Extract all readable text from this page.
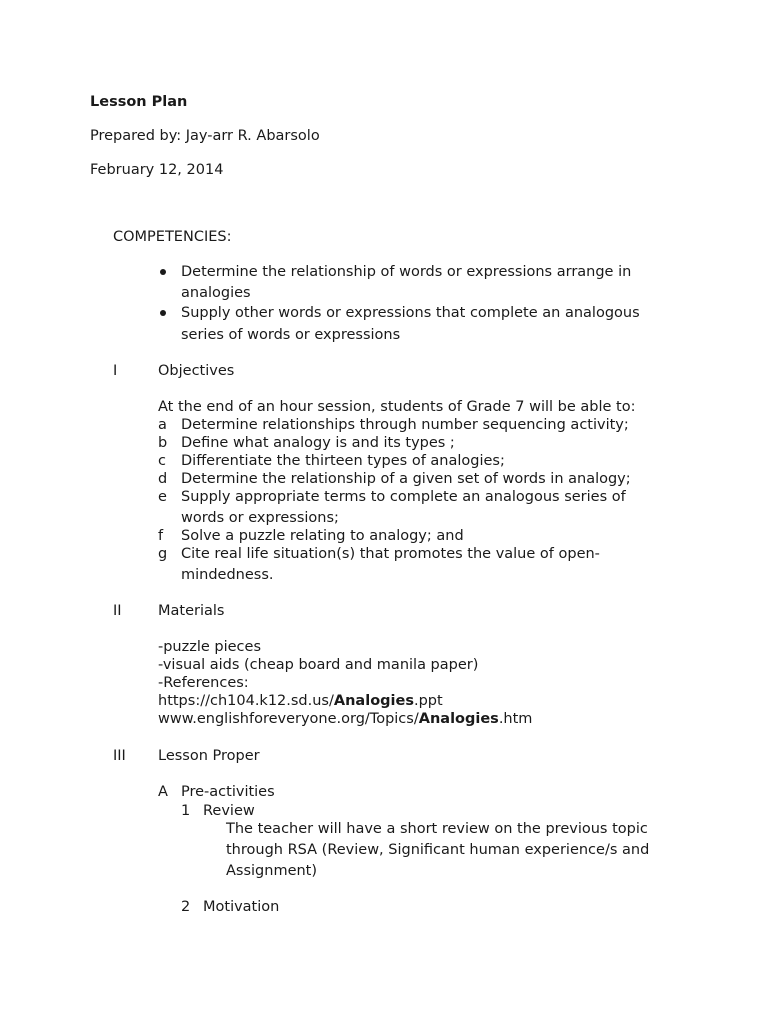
Lesson Plan
Prepared by: Jay-arr R. Abarsolo
February 12, 2014
COMPETENCIES:
Determine the relationship of words or expressions arrange in
analogies
Supply other words or expressions that complete an analogous
series of words or expressions
I	Objectives
At the end of an hour session, students of Grade 7 will be able to:
a Determine relationships through number sequencing activity;
b Define what analogy is and its types ;
c Differentiate the thirteen types of analogies;
d Determine the relationship of a given set of words in analogy;
e Supply appropriate terms to complete an analogous series of
words or expressions;
f Solve a puzzle relating to analogy; and
g Cite real life situation(s) that promotes the value of open-
mindedness.
II	Materials
-puzzle pieces
-visual aids (cheap board and manila paper)
-References:
https://ch104.k12.sd.us/Analogies.ppt
www.englishforeveryone.org/Topics/Analogies.htm
III Lesson Proper
A Pre-activities
1 Review
The teacher will have a short review on the previous topic
through RSA (Review, Significant human experience/s and
Assignment)
2 Motivation
